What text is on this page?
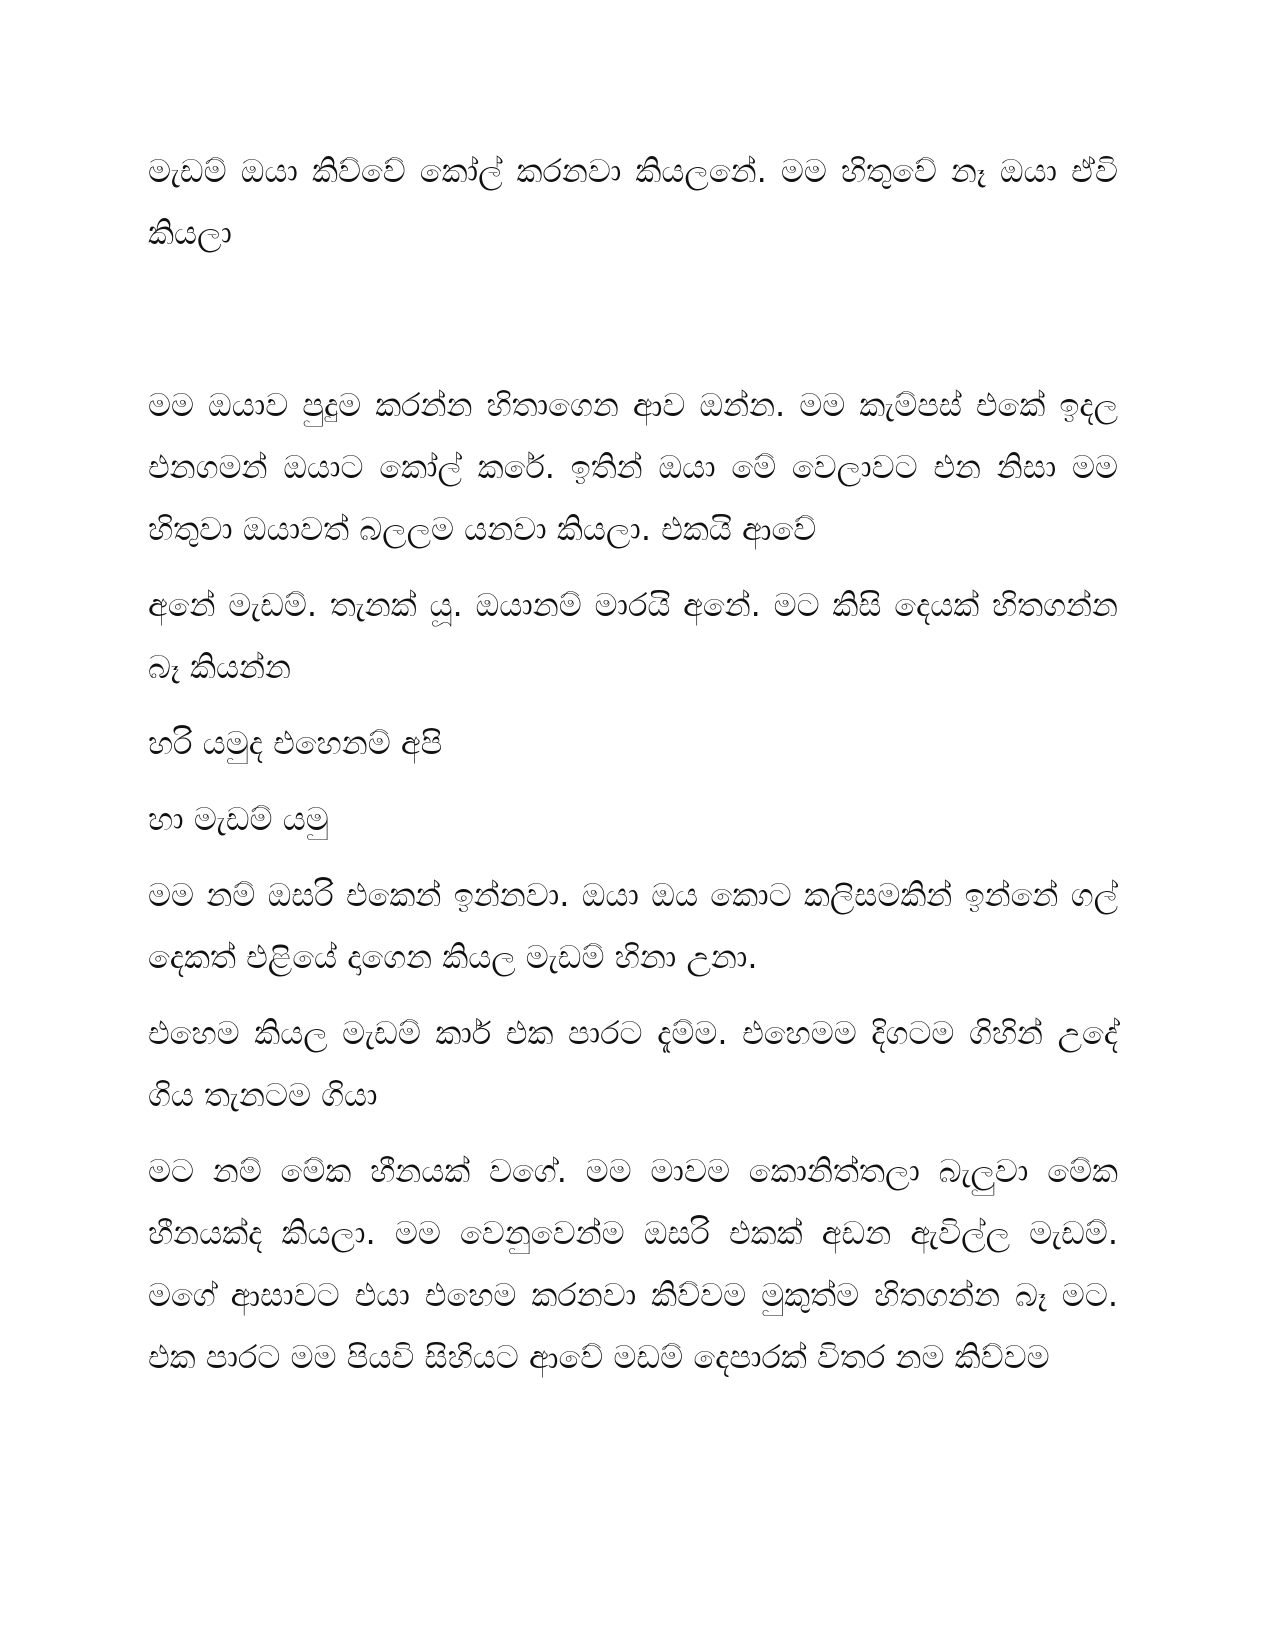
මැඩම් ඔයා කිව්වේ කෝල් කරනවා කියලනේ. මම හිතුවේ නෑ ඔයා ඒවි කියලා

මම ඔයාව පුදුම කරන්න හිතාගෙන ආව ඔන්න. මම කැම්පස් එකේ ඉදල එනගමන් ඔයාට කෝල් කරේ. ඉතින් ඔයා මේ වෙලාවට එන නිසා මම හිතුවා ඔයාවත් බලලම යනවා කියලා. එකයි ආවේ

අනේ මැඩම්. තැනක් යූ. ඔයානම් මාරයි අනේ. මට කිසි දෙයක් හිතගන්න බෑ කියන්න

හරි යමුද එහෙනම් අපි

හා මැඩම් යමු

මම නම් ඔසරි එකෙන් ඉන්නවා. ඔයා ඔය කොට කලිසමකින් ඉන්නේ ගල් දෙකත් එළියේ දාගෙන කියල මැඩම් හිනා උනා.

එහෙම කියල මැඩම් කාර් එක පාරට දැම්ම. එහෙමම දිගටම ගිහින් උදේ ගිය තැනටම ගියා

මට නම් මේක හීනයක් වගේ. මම මාවම කොනිත්තලා බැලුවා මේක හීනයක්ද කියලා. මම වෙනුවෙන්ම ඔසරි එකක් අඩන ඇවිල්ල මැඩම්. මගේ ආසාවට එයා එහෙම කරනවා කිව්වම මුකුත්ම හිතගන්න බෑ මට. එක පාරට මම පියවි සිහියට ආවේ මඩම් දෙපාරක් විතර නම කිව්වම
